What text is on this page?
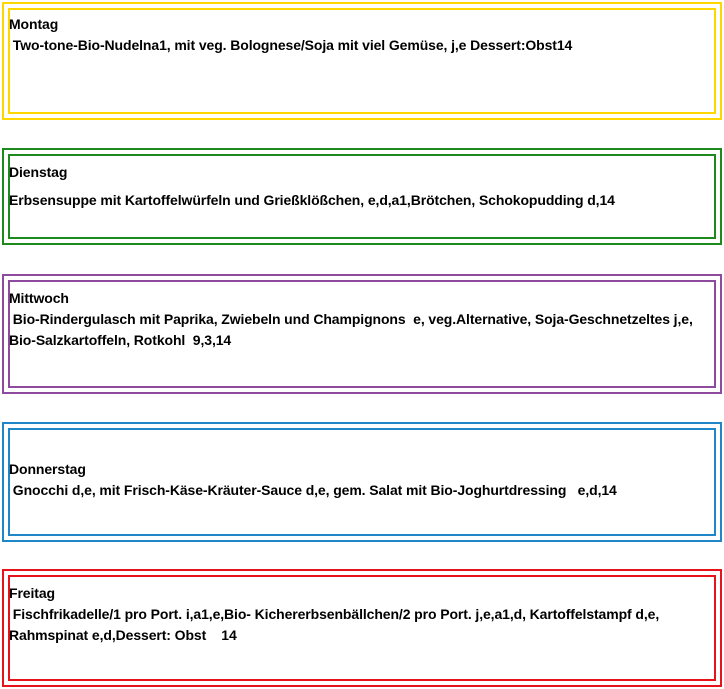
Montag
Two-tone-Bio-Nudelna1, mit veg. Bolognese/Soja mit viel Gemüse, j,e Dessert:Obst14
Dienstag
Erbsensuppe mit Kartoffelwürfeln und Grießklößchen, e,d,a1,Brötchen, Schokopudding d,14
Mittwoch
Bio-Rindergulasch mit Paprika, Zwiebeln und Champignons  e, veg.Alternative, Soja-Geschnetzeltes j,e, Bio-Salzkartoffeln, Rotkohl  9,3,14
Donnerstag
Gnocchi d,e, mit Frisch-Käse-Kräuter-Sauce d,e, gem. Salat mit Bio-Joghurtdressing   e,d,14
Freitag
Fischfrikadelle/1 pro Port. i,a1,e,Bio- Kichererbsenbällchen/2 pro Port. j,e,a1,d, Kartoffelstampf d,e, Rahmspinat e,d,Dessert: Obst    14
